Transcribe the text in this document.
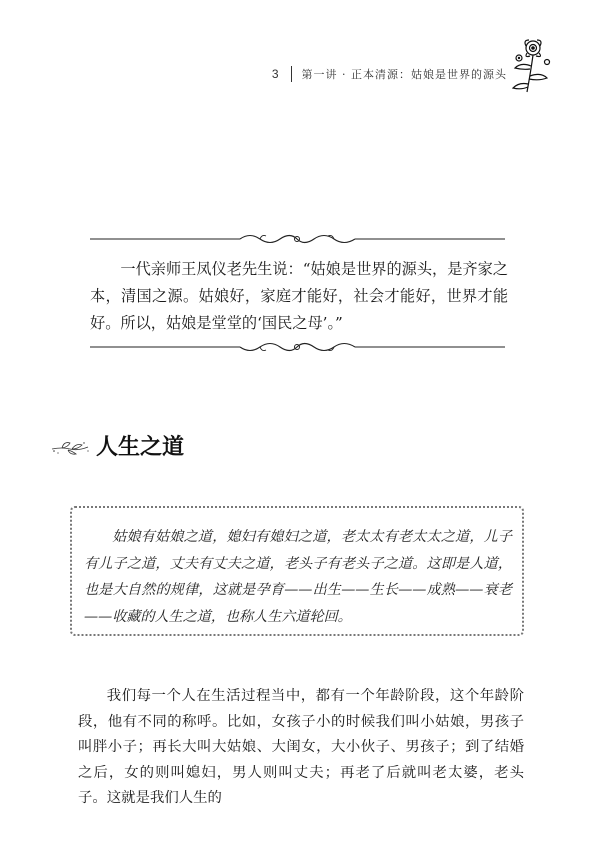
3 第一讲 · 正本清源：姑娘是世界的源头

一代亲师王凤仪老先生说：“姑娘是世界的源头，是齐家之本，清国之源。姑娘好，家庭才能好，社会才能好，世界才能好。所以，姑娘是堂堂的‘国民之母’。”

人生之道

姑娘有姑娘之道，媳妇有媳妇之道，老太太有老太太之道，儿子有儿子之道，丈夫有丈夫之道，老头子有老头子之道。这即是人道，也是大自然的规律，这就是孕育——出生——生长——成熟——衰老——收藏的人生之道，也称人生六道轮回。

我们每一个人在生活过程当中，都有一个年龄阶段，这个年龄阶段，他有不同的称呼。比如，女孩子小的时候我们叫小姑娘，男孩子叫胖小子；再长大叫大姑娘、大闺女，大小伙子、男孩子；到了结婚之后，女的则叫媳妇，男人则叫丈夫；再老了后就叫老太婆，老头子。这就是我们人生的
